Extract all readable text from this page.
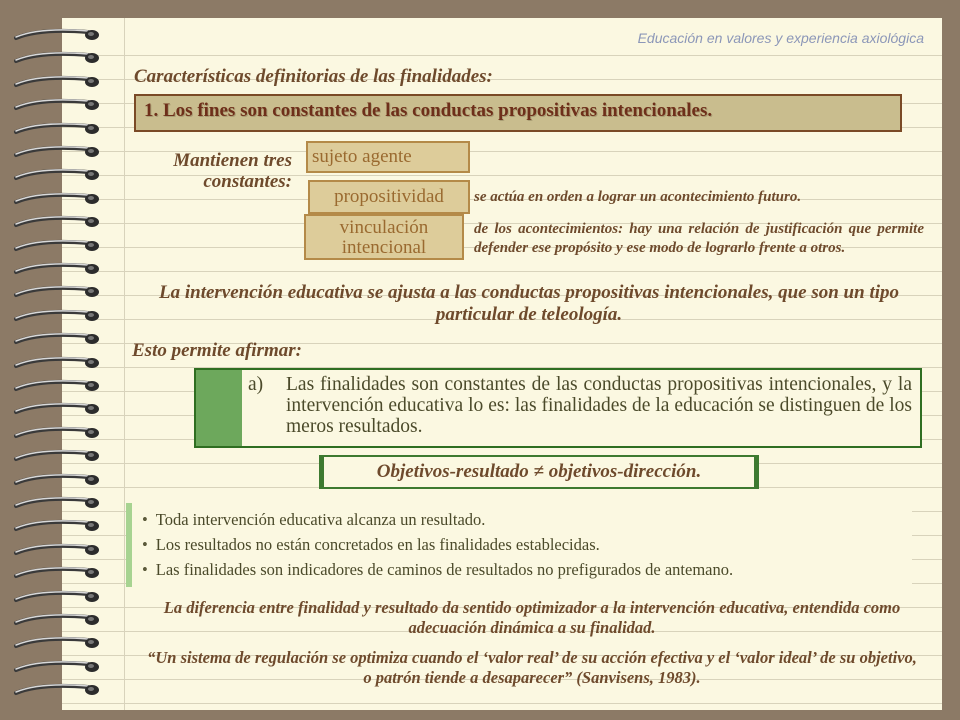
Educación en valores y experiencia axiológica
Características definitorias de las finalidades:
1. Los fines son constantes de las conductas propositivas intencionales.
Mantienen tres constantes:
sujeto agente
propositividad
vinculación intencional
se actúa en orden a lograr un acontecimiento futuro.
de los acontecimientos: hay una relación de justificación que permite defender ese propósito y ese modo de lograrlo frente a otros.
La intervención educativa se ajusta a las conductas propositivas intencionales, que son un tipo particular de teleología.
Esto permite afirmar:
a) Las finalidades son constantes de las conductas propositivas intencionales, y la intervención educativa lo es: las finalidades de la educación se distinguen de los meros resultados.
Objetivos-resultado ≠ objetivos-dirección.
• Toda intervención educativa alcanza un resultado.
• Los resultados no están concretados en las finalidades establecidas.
• Las finalidades son indicadores de caminos de resultados no prefigurados de antemano.
La diferencia entre finalidad y resultado da sentido optimizador a la intervención educativa, entendida como adecuación dinámica a su finalidad.
“Un sistema de regulación se optimiza cuando el ‘valor real’ de su acción efectiva y el ‘valor ideal’ de su objetivo, o patrón tiende a desaparecer” (Sanvisens, 1983).
